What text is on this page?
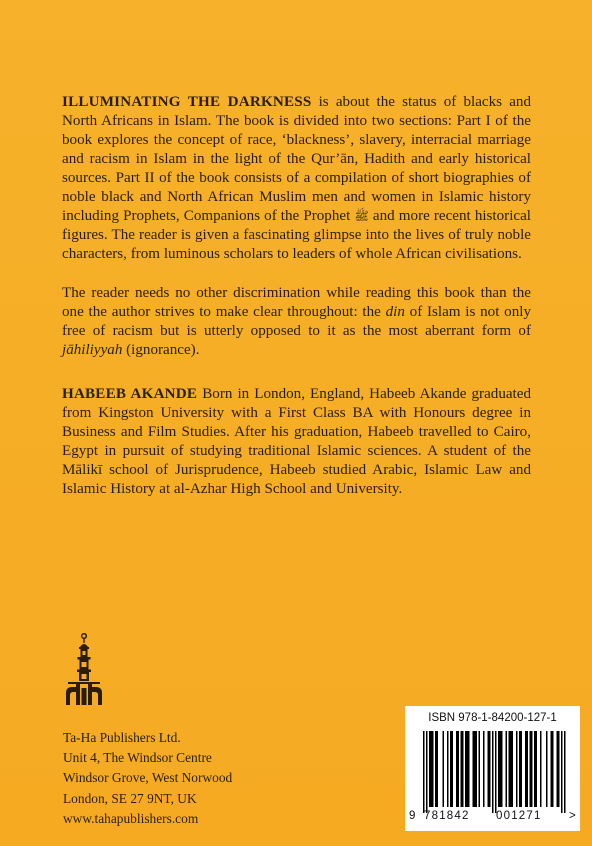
ILLUMINATING THE DARKNESS is about the status of blacks and North Africans in Islam. The book is divided into two sections: Part I of the book explores the concept of race, ‘blackness’, slavery, interracial marriage and racism in Islam in the light of the Qur’ān, Hadith and early historical sources. Part II of the book consists of a compilation of short biographies of noble black and North African Muslim men and women in Islamic history including Prophets, Companions of the Prophet ﷺ and more recent historical figures. The reader is given a fascinating glimpse into the lives of truly noble characters, from luminous scholars to leaders of whole African civilisations.

The reader needs no other discrimination while reading this book than the one the author strives to make clear throughout: the din of Islam is not only free of racism but is utterly opposed to it as the most aberrant form of jāhiliyyah (ignorance).

HABEEB AKANDE Born in London, England, Habeeb Akande graduated from Kingston University with a First Class BA with Honours degree in Business and Film Studies. After his graduation, Habeeb travelled to Cairo, Egypt in pursuit of studying traditional Islamic sciences. A student of the Mālikī school of Jurisprudence, Habeeb studied Arabic, Islamic Law and Islamic History at al-Azhar High School and University.

Ta-Ha Publishers Ltd.
Unit 4, The Windsor Centre
Windsor Grove, West Norwood
London, SE 27 9NT, UK
www.tahapublishers.com
ISBN 978-1-84200-127-1
9 781842 001271 >
